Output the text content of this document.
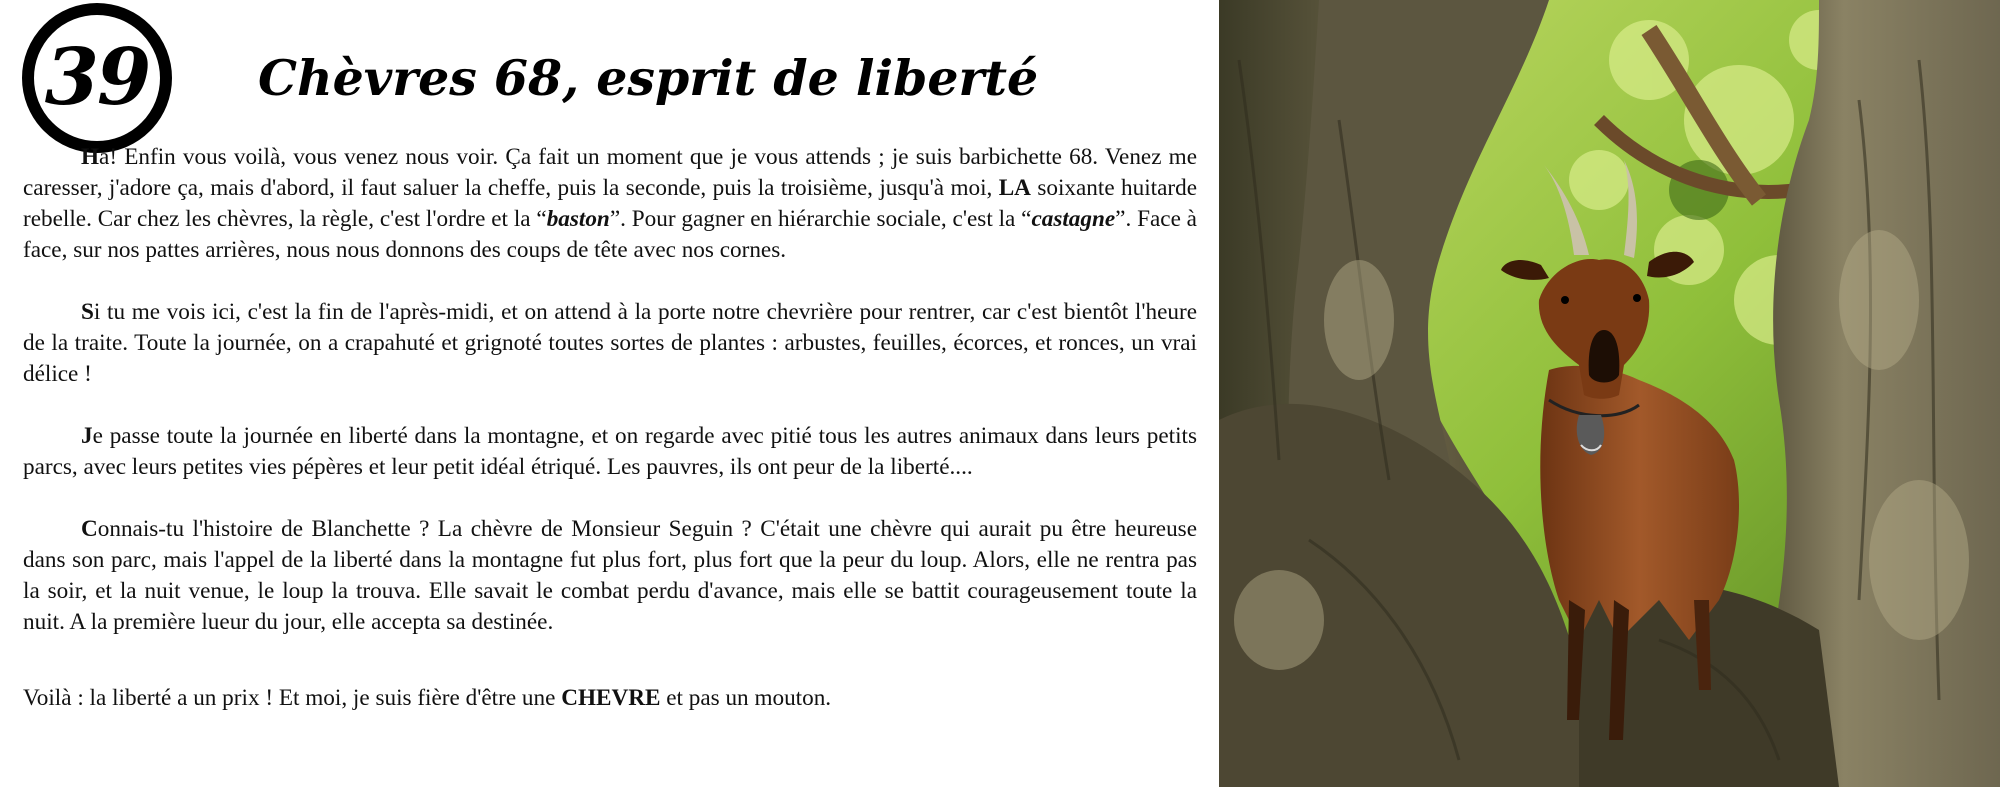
39 Chèvres 68, esprit de liberté

Ha! Enfin vous voilà, vous venez nous voir. Ça fait un moment que je vous attends ; je suis barbichette 68. Venez me caresser, j'adore ça, mais d'abord, il faut saluer la cheffe, puis la seconde, puis la troisième, jusqu'à moi, LA soixante huitarde rebelle. Car chez les chèvres, la règle, c'est l'ordre et la “baston”. Pour gagner en hiérarchie sociale, c'est la “castagne”. Face à face, sur nos pattes arrières, nous nous donnons des coups de tête avec nos cornes.

Si tu me vois ici, c'est la fin de l'après-midi, et on attend à la porte notre chevrière pour rentrer, car c'est bientôt l'heure de la traite. Toute la journée, on a crapahuté et grignoté toutes sortes de plantes : arbustes, feuilles, écorces, et ronces, un vrai délice !

Je passe toute la journée en liberté dans la montagne, et on regarde avec pitié tous les autres animaux dans leurs petits parcs, avec leurs petites vies pépères et leur petit idéal étriqué. Les pauvres, ils ont peur de la liberté....

Connais-tu l'histoire de Blanchette ? La chèvre de Monsieur Seguin ? C'était une chèvre qui aurait pu être heureuse dans son parc, mais l'appel de la liberté dans la montagne fut plus fort, plus fort que la peur du loup. Alors, elle ne rentra pas la soir, et la nuit venue, le loup la trouva. Elle savait le combat perdu d'avance, mais elle se battit courageusement toute la nuit. A la première lueur du jour, elle accepta sa destinée.

Voilà : la liberté a un prix ! Et moi, je suis fière d'être une CHEVRE et pas un mouton.
